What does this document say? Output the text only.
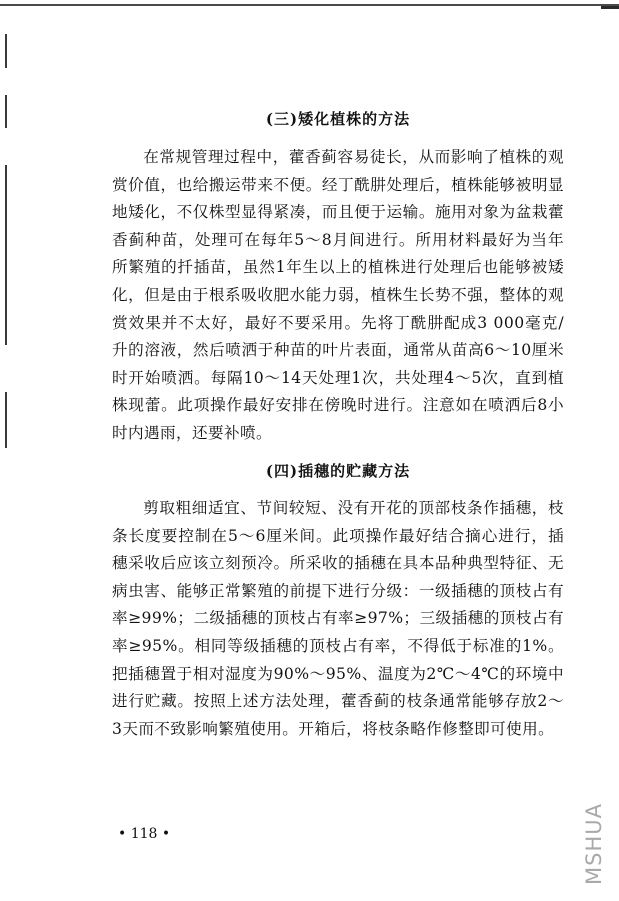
(三)矮化植株的方法
在常规管理过程中，藿香蓟容易徒长，从而影响了植株的观赏价值，也给搬运带来不便。经丁酰肼处理后，植株能够被明显地矮化，不仅株型显得紧凑，而且便于运输。施用对象为盆栽藿香蓟种苗，处理可在每年5～8月间进行。所用材料最好为当年所繁殖的扦插苗，虽然1年生以上的植株进行处理后也能够被矮化，但是由于根系吸收肥水能力弱，植株生长势不强，整体的观赏效果并不太好，最好不要采用。先将丁酰肼配成3 000毫克/升的溶液，然后喷洒于种苗的叶片表面，通常从苗高6～10厘米时开始喷洒。每隔10～14天处理1次，共处理4～5次，直到植株现蕾。此项操作最好安排在傍晚时进行。注意如在喷洒后8小时内遇雨，还要补喷。
(四)插穗的贮藏方法
剪取粗细适宜、节间较短、没有开花的顶部枝条作插穗，枝条长度要控制在5～6厘米间。此项操作最好结合摘心进行，插穗采收后应该立刻预冷。所采收的插穗在具本品种典型特征、无病虫害、能够正常繁殖的前提下进行分级：一级插穗的顶枝占有率≥99%；二级插穗的顶枝占有率≥97%；三级插穗的顶枝占有率≥95%。相同等级插穗的顶枝占有率，不得低于标准的1%。把插穗置于相对湿度为90%～95%、温度为2℃～4℃的环境中进行贮藏。按照上述方法处理，藿香蓟的枝条通常能够存放2～3天而不致影响繁殖使用。开箱后，将枝条略作修整即可使用。
• 118 •	MSHUA
